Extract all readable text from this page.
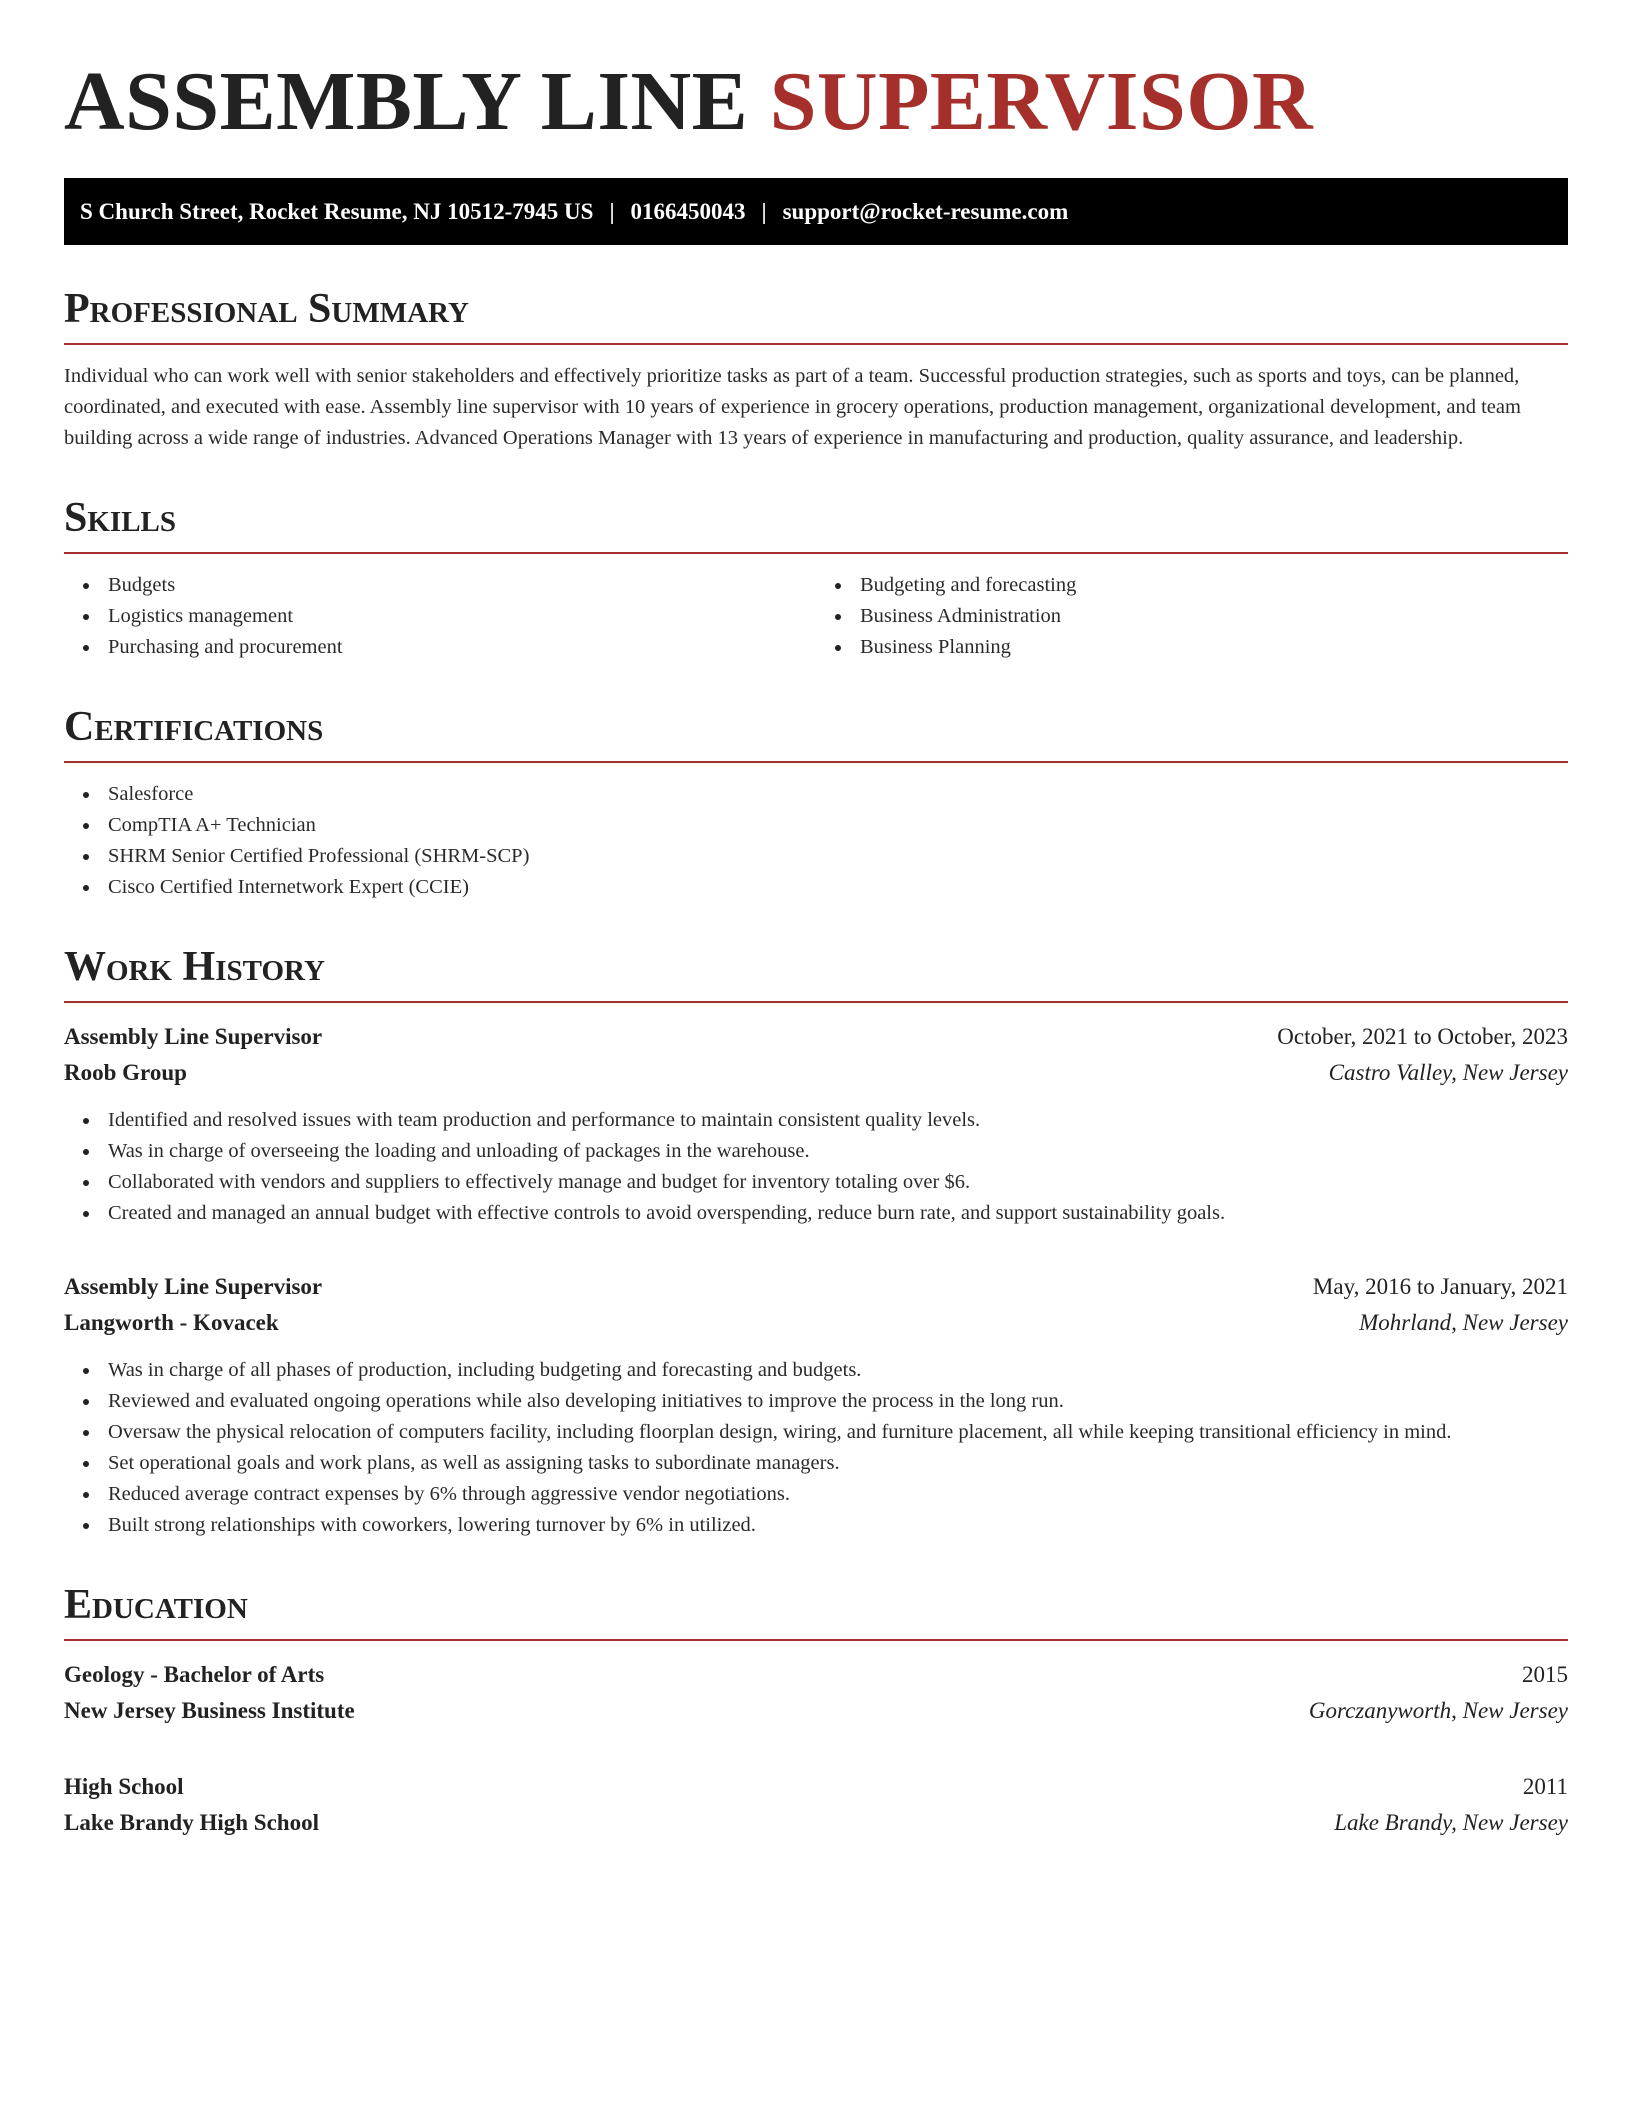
ASSEMBLY LINE SUPERVISOR
S Church Street, Rocket Resume, NJ 10512-7945 US | 0166450043 | support@rocket-resume.com
Professional Summary

Individual who can work well with senior stakeholders and effectively prioritize tasks as part of a team. Successful production strategies, such as sports and toys, can be planned, coordinated, and executed with ease. Assembly line supervisor with 10 years of experience in grocery operations, production management, organizational development, and team building across a wide range of industries. Advanced Operations Manager with 13 years of experience in manufacturing and production, quality assurance, and leadership.

Skills
Budgets
Logistics management
Purchasing and procurement
Budgeting and forecasting
Business Administration
Business Planning
Certifications
Salesforce
CompTIA A+ Technician
SHRM Senior Certified Professional (SHRM-SCP)
Cisco Certified Internetwork Expert (CCIE)
Work History
Assembly Line Supervisor	October, 2021 to October, 2023
Roob Group	Castro Valley, New Jersey
Identified and resolved issues with team production and performance to maintain consistent quality levels.
Was in charge of overseeing the loading and unloading of packages in the warehouse.
Collaborated with vendors and suppliers to effectively manage and budget for inventory totaling over $6.
Created and managed an annual budget with effective controls to avoid overspending, reduce burn rate, and support sustainability goals.
Assembly Line Supervisor	May, 2016 to January, 2021
Langworth - Kovacek	Mohrland, New Jersey
Was in charge of all phases of production, including budgeting and forecasting and budgets.
Reviewed and evaluated ongoing operations while also developing initiatives to improve the process in the long run.
Oversaw the physical relocation of computers facility, including floorplan design, wiring, and furniture placement, all while keeping transitional efficiency in mind.
Set operational goals and work plans, as well as assigning tasks to subordinate managers.
Reduced average contract expenses by 6% through aggressive vendor negotiations.
Built strong relationships with coworkers, lowering turnover by 6% in utilized.
Education
Geology - Bachelor of Arts	2015
New Jersey Business Institute	Gorczanyworth, New Jersey
High School	2011
Lake Brandy High School	Lake Brandy, New Jersey
